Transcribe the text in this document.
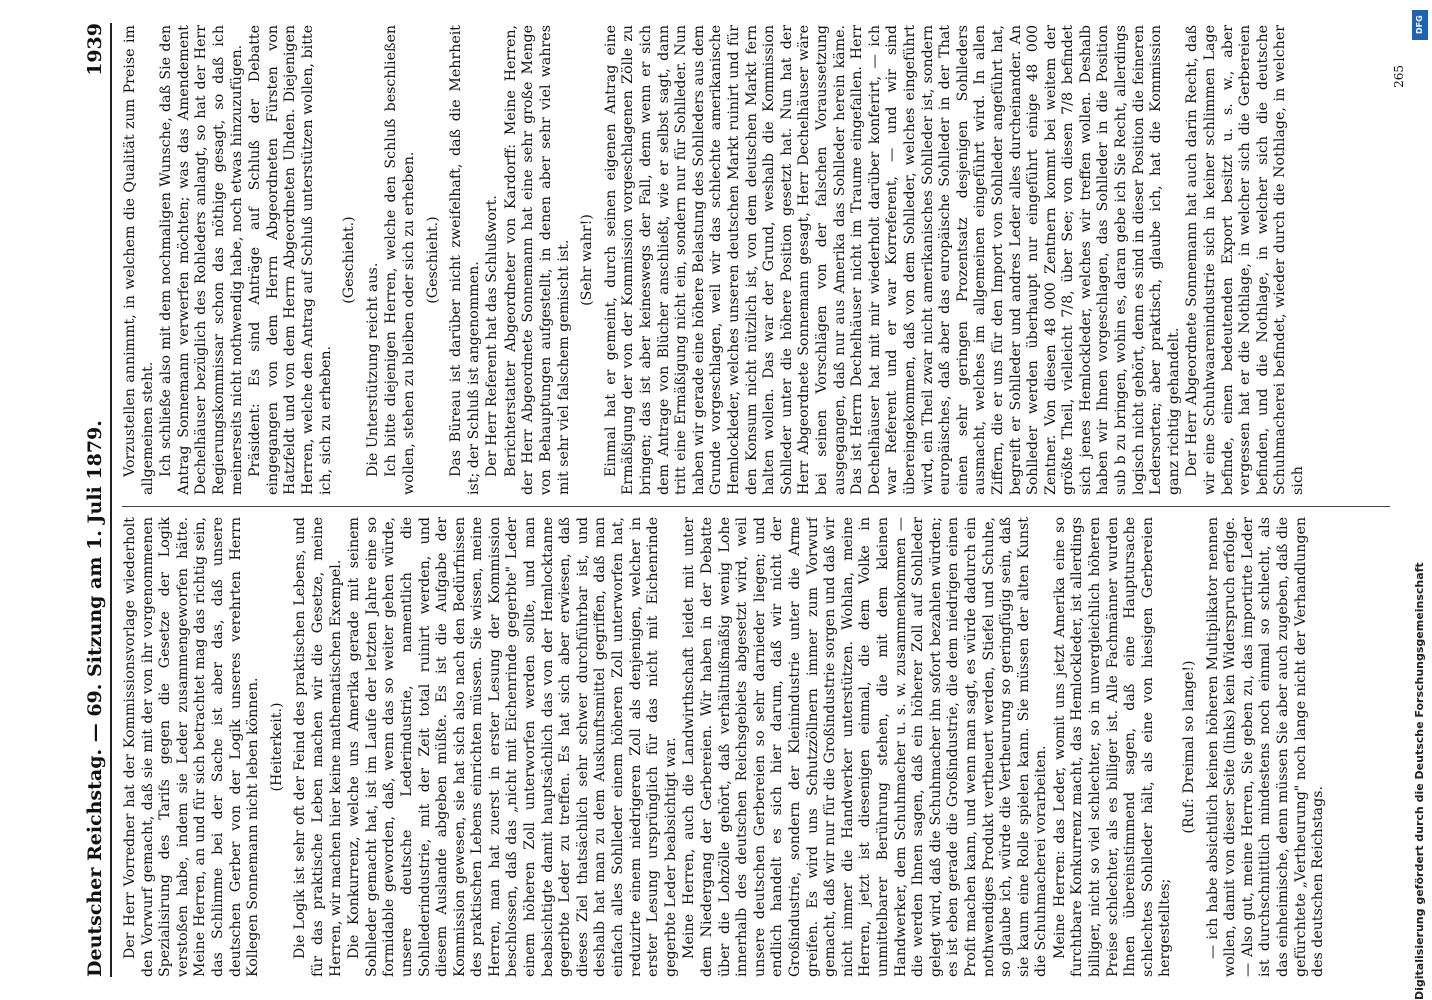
Deutscher Reichstag. — 69. Sitzung am 1. Juli 1879.
1939

Der Herr Vorredner hat der Kommissionsvorlage wiederholt den Vorwurf gemacht, daß sie mit der von ihr vorgenommenen Spezialisirung des Tarifs gegen die Gesetze der Logik verstoßen habe, indem sie Leder zusammengeworfen hätte. Meine Herren, an und für sich betrachtet mag das richtig sein, das Schlimme bei der Sache ist aber das, daß unsere deutschen Gerber von der Logik unseres verehrten Herrn Kollegen Sonnemann nicht leben können. (Heiterkeit.) Die Logik ist sehr oft der Feind des praktischen Lebens, und für das praktische Leben machen wir die Gesetze, meine Herren, wir machen hier keine mathematischen Exempel. Die Konkurrenz, welche uns Amerika gerade mit seinem Sohlleder gemacht hat, ist im Laufe der letzten Jahre eine so formidable geworden, daß, wenn das so weiter gehen würde, unsere deutsche Lederindustrie, namentlich die Sohllederindustrie, mit der Zeit total ruinirt werden, und diesem Auslande abgeben müßte. Es ist die Aufgabe der Kommission gewesen, sie hat sich also nach den Bedürfnissen des praktischen Lebens einrichten müssen. Sie wissen, meine Herren, man hat zuerst in erster Lesung der Kommission beschlossen, daß das „nicht mit Eichenrinde gegerbte" Leder einem höheren Zoll unterworfen werden sollte, und man beabsichtigte damit hauptsächlich das von der Hemlocktanne gegerbte Leder zu treffen. Es hat sich aber erwiesen, daß dieses Ziel thatsächlich sehr schwer durchführbar ist, und deshalb hat man zu dem Auskunftsmittel gegriffen, daß man einfach alles Sohlleder einem höheren Zoll unterworfen hat, reduzirte einem niedrigeren Zoll als denjenigen, welcher in erster Lesung ursprünglich für das nicht mit Eichenrinde gegerbte Leder beabsichtigt war. Meine Herren, auch die Landwirthschaft leidet mit unter dem Niedergang der Gerbereien. Wir haben in der Debatte über die Lohzölle gehört, daß verhältnißmäßig wenig Lohe innerhalb des deutschen Reichsgebiets abgesetzt wird, weil unsere deutschen Gerbereien so sehr darnieder liegen; und endlich handelt es sich hier darum, daß wir nicht der Großindustrie, sondern der Kleinindustrie unter die Arme greifen. Es wird uns Schutzzöllnern immer zum Vorwurf gemacht, daß wir nur für die Großindustrie sorgen und daß wir nicht immer die Handwerker unterstützen. Wohlan, meine Herren, jetzt ist diesenigen einmal, die dem Volke in unmittelbarer Berührung stehen, die mit dem kleinen Handwerker, dem Schuhmacher u. s. w. zusammenkommen — die werden Ihnen sagen, daß ein höherer Zoll auf Sohlleder gelegt wird, daß die Schuhmacher ihn sofort bezahlen würden; es ist eben gerade die Großindustrie, die dem niedrigen einen Profit machen kann, und wenn man sagt, es würde dadurch ein nothwendiges Produkt vertheuert werden, Stiefel und Schuhe, so glaube ich, würde die Vertheurung so geringfügig sein, daß sie kaum eine Rolle spielen kann. Sie müssen der alten Kunst die Schuhmacherei vorarbeiten. Meine Herren: das Leder, womit uns jetzt Amerika eine so furchtbare Konkurrenz macht, das Hemlockleder, ist allerdings billiger, nicht so viel schlechter, so in unvergleichlich höheren Preise schlechter, als es billiger ist. Alle Fachmänner wurden Ihnen übereinstimmend sagen, daß eine Hauptursache schlechtes Sohlleder hält, als eine von hiesigen Gerbereien hergestelltes;

(Ruf: Dreimal so lange!) — ich habe absichtlich keinen höheren Multiplikator nennen wollen, damit von dieser Seite (links) kein Widerspruch erfolge. — Also gut, meine Herren, Sie geben zu, das importirte Leder ist durchschnittlich mindestens noch einmal so schlecht, als das einheimische, denn müssen Sie aber auch zugeben, daß die gefürchtete „Vertheurung" noch lange nicht der Verhandlungen des deutschen Reichstags.

Vorzustellen annimmt, in welchem die Qualität zum Preise im allgemeinen steht. Ich schließe also mit dem nochmaligen Wunsche, daß Sie den Antrag Sonnemann verwerfen möchten; was das Amendement Dechelhäuser bezüglich des Rohleders anlangt, so hat der Herr Regierungskommissar schon das nöthige gesagt, so daß ich meinerseits nicht nothwendig habe, noch etwas hinzuzufügen. Präsident: Es sind Anträge auf Schluß der Debatte eingegangen von dem Herrn Abgeordneten Fürsten von Hatzfeldt und von dem Herrn Abgeordneten Uhden. Diejenigen Herren, welche den Antrag auf Schluß unterstützen wollen, bitte ich, sich zu erheben.

(Geschieht.)

Die Unterstützung reicht aus. Ich bitte diejenigen Herren, welche den Schluß beschließen wollen, stehen zu bleiben oder sich zu erheben. (Geschieht.) Das Büreau ist darüber nicht zweifelhaft, daß die Mehrheit ist; der Schluß ist angenommen. Der Herr Referent hat das Schlußwort. Berichterstatter Abgeordneter von Kardorff: Meine Herren, der Herr Abgeordnete Sonnemann hat eine sehr große Menge von Behauptungen aufgestellt, in denen aber sehr viel wahres mit sehr viel falschem gemischt ist. (Sehr wahr!) Einmal hat er gemeint, durch seinen eigenen Antrag eine Ermäßigung der von der Kommission vorgeschlagenen Zölle zu bringen; das ist aber keineswegs der Fall, denn wenn er sich dem Antrage von Blücher anschließt, wie er selbst sagt, dann tritt eine Ermäßigung nicht ein, sondern nur für Sohlleder. Nun haben wir gerade eine höhere Belastung des Sohlleders aus dem Grunde vorgeschlagen, weil wir das schlechte amerikanische Hemlockleder, welches unseren deutschen Markt ruinirt und für den Konsum nicht nützlich ist, von dem deutschen Markt fern halten wollen. Das war der Grund, weshalb die Kommission Sohlleder unter die höhere Position gesetzt hat. Nun hat der Herr Abgeordnete Sonnemann gesagt, Herr Dechelhäuser wäre bei seinen Vorschlägen von der falschen Voraussetzung ausgegangen, daß nur aus Amerika das Sohlleder herein käme. Das ist Herrn Dechelhäuser nicht im Traume eingefallen. Herr Dechelhäuser hat mit mir wiederholt darüber konferirt, — ich war Referent und er war Korreferent, — und wir sind übereingekommen, daß von dem Sohlleder, welches eingeführt wird, ein Theil zwar nicht amerikanisches Sohlleder ist, sondern europäisches, daß aber das europäische Sohlleder in der That einen sehr geringen Prozentsatz desjenigen Sohlleders ausmacht, welches im allgemeinen eingeführt wird. In allen Ziffern, die er uns für den Import von Sohlleder angeführt hat, begreift er Sohlleder und andres Leder alles durcheinander. An Sohlleder werden überhaupt nur eingeführt einige 48 000 Zentner. Von diesen 48 000 Zentnern kommt bei weitem der größte Theil, vielleicht 7/8, über See; von diesen 7/8 befindet sich jenes Hemlockleder, welches wir treffen wollen. Deshalb haben wir Ihnen vorgeschlagen, das Sohlleder in die Position sub b zu bringen, wohin es, daran gebe ich Sie Recht, allerdings logisch nicht gehört, denn es sind in dieser Position die feineren Ledersorten; aber praktisch, glaube ich, hat die Kommission ganz richtig gehandelt. Der Herr Abgeordnete Sonnemann hat auch darin Recht, daß wir eine Schuhwaarenindustrie sich in keiner schlimmen Lage befinde, einen bedeutenden Export besitzt u. s. w., aber vergessen hat er die Nothlage, in welcher sich die Gerbereien befinden, und die Nothlage, in welcher sich die deutsche Schuhmacherei befindet, wieder durch die Nothlage, in welcher sich

265
Digitalisierung gefördert durch die Deutsche Forschungsgemeinschaft
DFG
